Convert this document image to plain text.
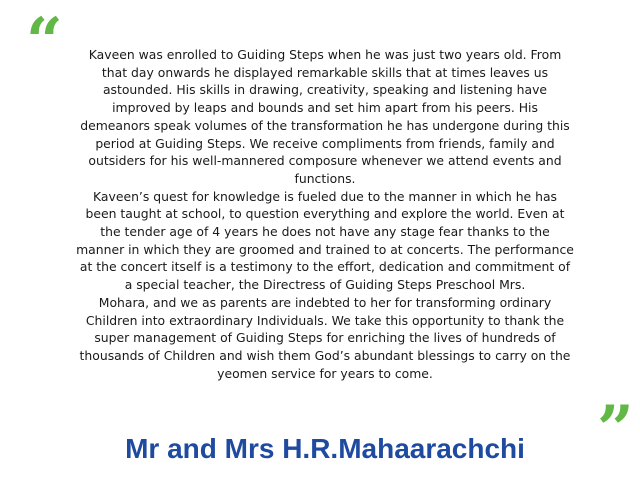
“	Kaveen was enrolled to Guiding Steps when he was just two years old. From that day onwards he displayed remarkable skills that at times leaves us astounded. His skills in drawing, creativity, speaking and listening have improved by leaps and bounds and set him apart from his peers. His demeanors speak volumes of the transformation he has undergone during this period at Guiding Steps. We receive compliments from friends, family and outsiders for his well-mannered composure whenever we attend events and functions.

Kaveen’s quest for knowledge is fueled due to the manner in which he has been taught at school, to question everything and explore the world. Even at the tender age of 4 years he does not have any stage fear thanks to the manner in which they are groomed and trained to at concerts. The performance at the concert itself is a testimony to the effort, dedication and commitment of a special teacher, the Directress of Guiding Steps Preschool Mrs.

Mohara, and we as parents are indebted to her for transforming ordinary Children into extraordinary Individuals. We take this opportunity to thank the super management of Guiding Steps for enriching the lives of hundreds of thousands of Children and wish them God’s abundant blessings to carry on the yeomen service for years to come.

”
Mr and Mrs H.R.Mahaarachchi
